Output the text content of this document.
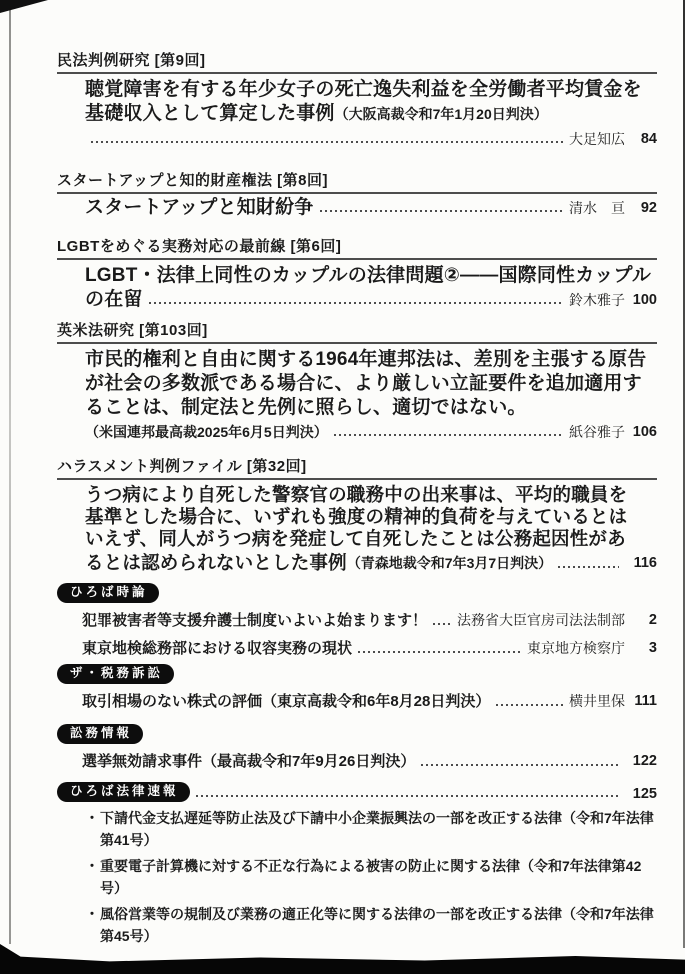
民法判例研究 [第9回]
聴覚障害を有する年少女子の死亡逸失利益を全労働者平均賃金を
基礎収入として算定した事例（大阪高裁令和7年1月20日判決）
大足知広	84
スタートアップと知的財産権法 [第8回]
スタートアップと知財紛争	清水　亘	92
LGBTをめぐる実務対応の最前線 [第6回]
LGBT・法律上同性のカップルの法律問題②——国際同性カップル
の在留	鈴木雅子 100
英米法研究 [第103回]
市民的権利と自由に関する1964年連邦法は、差別を主張する原告
が社会の多数派である場合に、より厳しい立証要件を追加適用す
ることは、制定法と先例に照らし、適切ではない。
（米国連邦最高裁2025年6月5日判決）	紙谷雅子 106
ハラスメント判例ファイル [第32回]
うつ病により自死した警察官の職務中の出来事は、平均的職員を
基準とした場合に、いずれも強度の精神的負荷を与えているとは
いえず、同人がうつ病を発症して自死したことは公務起因性があ
るとは認められないとした事例 （青森地裁令和7年3月7日判決）	116
ひろば時論
犯罪被害者等支援弁護士制度いよいよ始まります！ 法務省大臣官房司法法制部	2
東京地検総務部における収容実務の現状	東京地方検察庁	3
ザ・税務訴訟
取引相場のない株式の評価（東京高裁令和6年8月28日判決）	横井里保 111
訟務情報
選挙無効請求事件（最高裁令和7年9月26日判決）	122
ひろば法律速報	125
・ 下請代金支払遅延等防止法及び下請中小企業振興法の一部を改正する法律（令和7年法律第41号）
・ 重要電子計算機に対する不正な行為による被害の防止に関する法律（令和7年法律第42号）
・ 風俗営業等の規制及び業務の適正化等に関する法律の一部を改正する法律（令和7年法律第45号）
